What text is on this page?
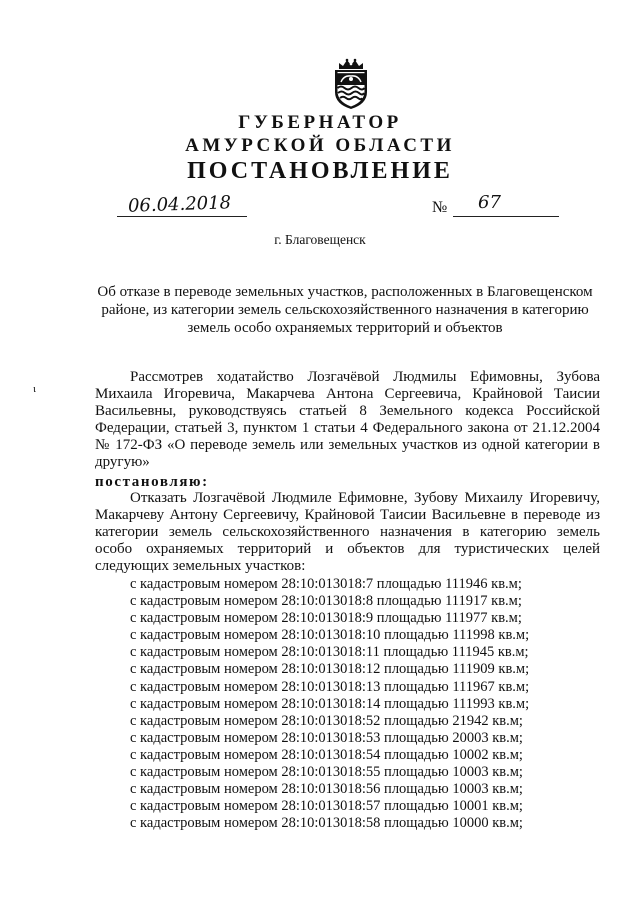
ГУБЕРНАТОР
АМУРСКОЙ ОБЛАСТИ
ПОСТАНОВЛЕНИЕ
06.04.2018	№ 67
г. Благовещенск
Об отказе в переводе земельных участков, расположенных в Благовещенском районе, из категории земель сельскохозяйственного назначения в категорию земель особо охраняемых территорий и объектов
ι
Рассмотрев ходатайство Лозгачёвой Людмилы Ефимовны, Зубова Михаила Игоревича, Макарчева Антона Сергеевича, Крайновой Таисии Васильевны, руководствуясь статьей 8 Земельного кодекса Российской Федерации, статьей 3, пунктом 1 статьи 4 Федерального закона от 21.12.2004 № 172-ФЗ «О переводе земель или земельных участков из одной категории в другую»
постановляю:
Отказать Лозгачёвой Людмиле Ефимовне, Зубову Михаилу Игоревичу, Макарчеву Антону Сергеевичу, Крайновой Таисии Васильевне в переводе из категории земель сельскохозяйственного назначения в категорию земель особо охраняемых территорий и объектов для туристических целей следующих земельных участков:
с кадастровым номером 28:10:013018:7 площадью 111946 кв.м;
с кадастровым номером 28:10:013018:8 площадью 111917 кв.м;
с кадастровым номером 28:10:013018:9 площадью 111977 кв.м;
с кадастровым номером 28:10:013018:10 площадью 111998 кв.м;
с кадастровым номером 28:10:013018:11 площадью 111945 кв.м;
с кадастровым номером 28:10:013018:12 площадью 111909 кв.м;
с кадастровым номером 28:10:013018:13 площадью 111967 кв.м;
с кадастровым номером 28:10:013018:14 площадью 111993 кв.м;
с кадастровым номером 28:10:013018:52 площадью 21942 кв.м;
с кадастровым номером 28:10:013018:53 площадью 20003 кв.м;
с кадастровым номером 28:10:013018:54 площадью 10002 кв.м;
с кадастровым номером 28:10:013018:55 площадью 10003 кв.м;
с кадастровым номером 28:10:013018:56 площадью 10003 кв.м;
с кадастровым номером 28:10:013018:57 площадью 10001 кв.м;
с кадастровым номером 28:10:013018:58 площадью 10000 кв.м;
